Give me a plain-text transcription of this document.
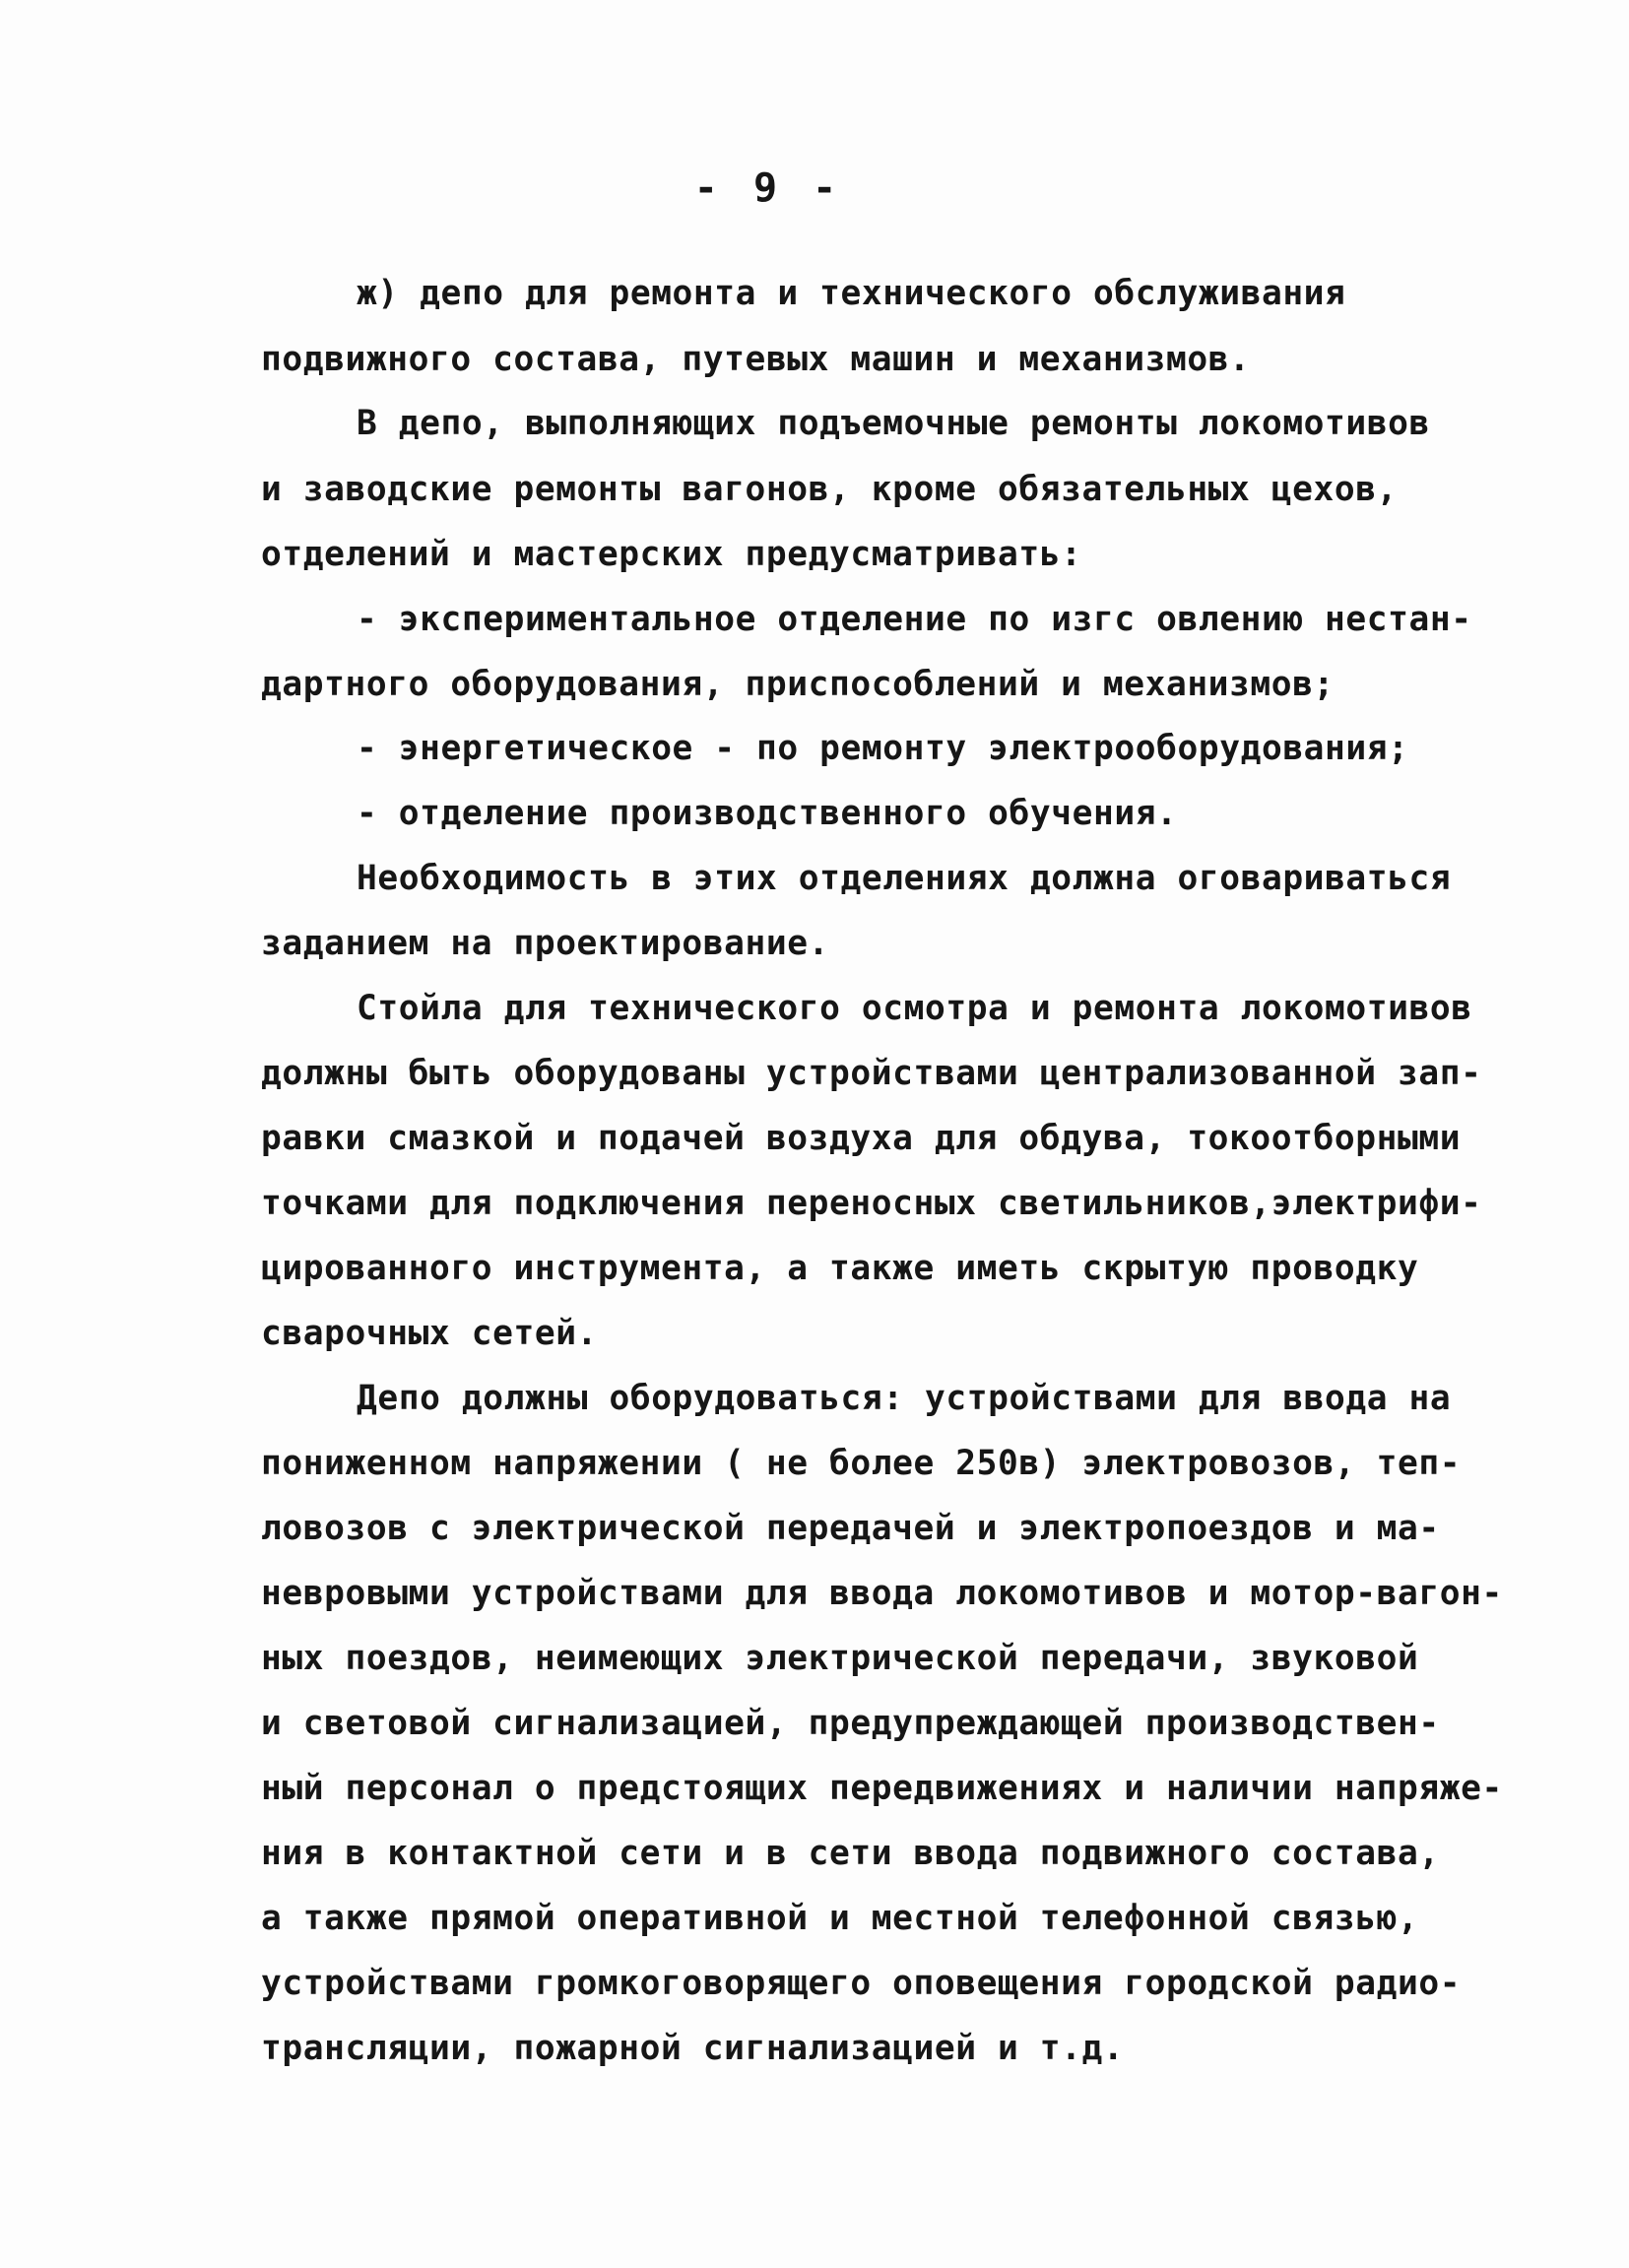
- 9 -
ж) депо для ремонта и технического обслуживания
подвижного состава, путевых машин и механизмов.
В депо, выполняющих подъемочные ремонты локомотивов
и заводские ремонты вагонов, кроме обязательных цехов,
отделений и мастерских предусматривать:
- экспериментальное отделение по изгс овлению нестан-
дартного оборудования, приспособлений и механизмов;
- энергетическое - по ремонту электрооборудования;
- отделение производственного обучения.
Необходимость в этих отделениях должна оговариваться
заданием на проектирование.
Стойла для технического осмотра и ремонта локомотивов
должны быть оборудованы устройствами централизованной зап-
равки смазкой и подачей воздуха для обдува, токоотборными
точками для подключения переносных светильников,электрифи-
цированного инструмента, а также иметь скрытую проводку
сварочных сетей.
Депо должны оборудоваться: устройствами для ввода на
пониженном напряжении ( не более 250в) электровозов, теп-
ловозов с электрической передачей и электропоездов и ма-
невровыми устройствами для ввода локомотивов и мотор-вагон-
ных поездов, неимеющих электрической передачи, звуковой
и световой сигнализацией, предупреждающей производствен-
ный персонал о предстоящих передвижениях и наличии напряже-
ния в контактной сети и в сети ввода подвижного состава,
а также прямой оперативной и местной телефонной связью,
устройствами громкоговорящего оповещения городской радио-
трансляции, пожарной сигнализацией и т.д.
